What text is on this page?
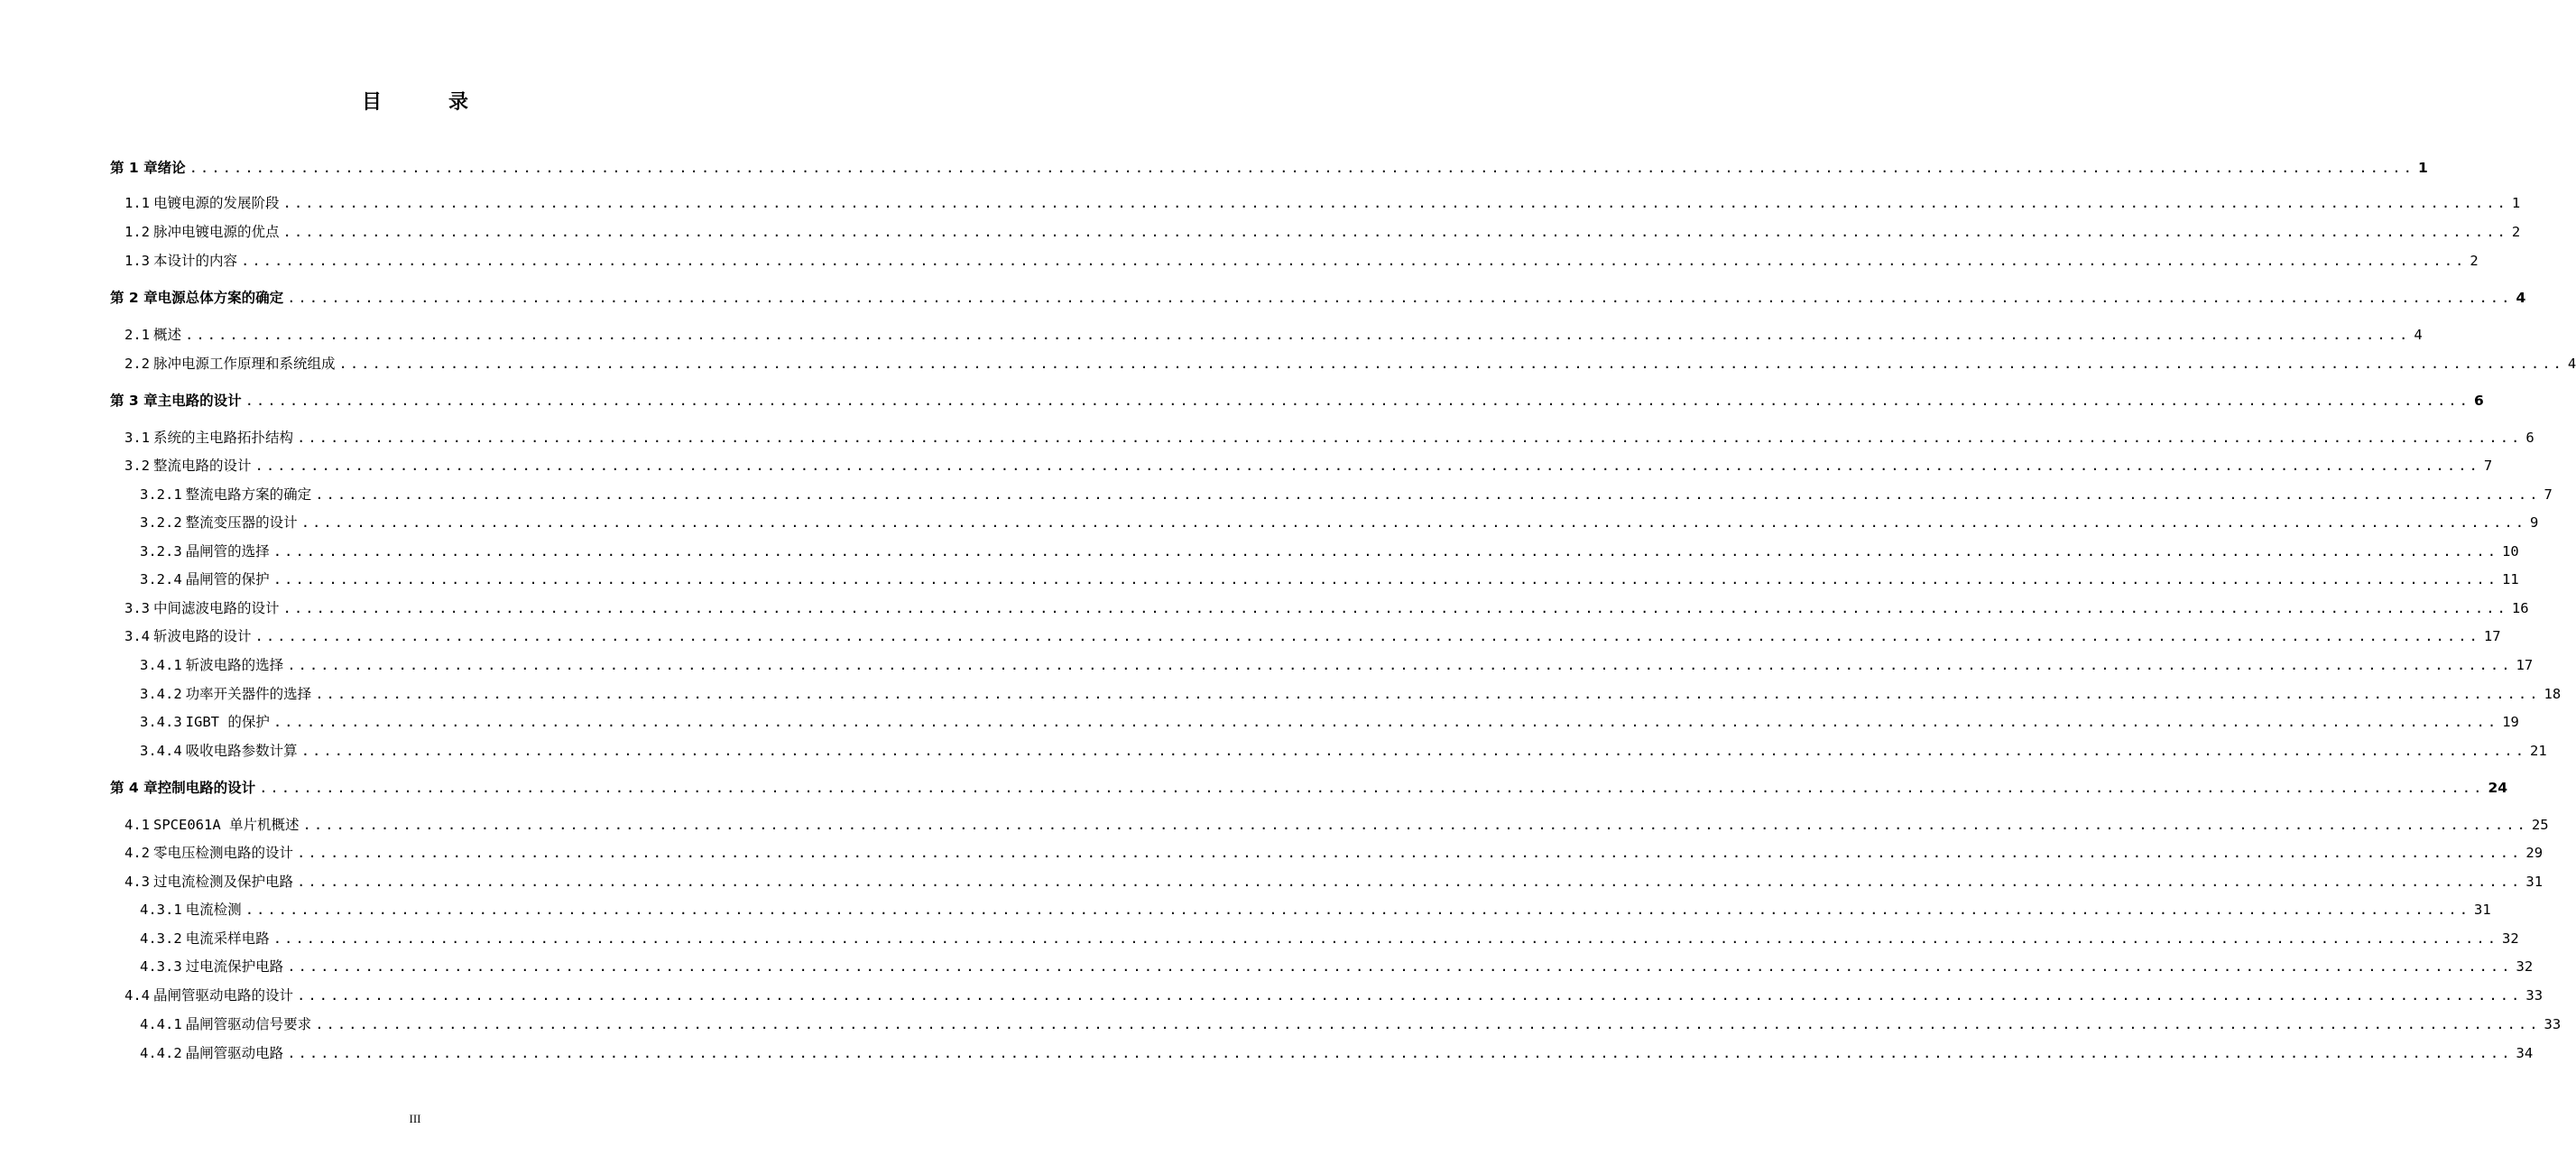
目　录
第 1 章 绪论 ........................................................................................................................................................................................................ 1
1.1 电镀电源的发展阶段 ........................................................................................................................................................................................................ 1
1.2 脉冲电镀电源的优点 ........................................................................................................................................................................................................ 2
1.3 本设计的内容 ........................................................................................................................................................................................................ 2
第 2 章 电源总体方案的确定 ........................................................................................................................................................................................................ 4
2.1 概述 ........................................................................................................................................................................................................ 4
2.2 脉冲电源工作原理和系统组成 ........................................................................................................................................................................................................ 4
第 3 章 主电路的设计 ........................................................................................................................................................................................................ 6
3.1 系统的主电路拓扑结构 ........................................................................................................................................................................................................ 6
3.2 整流电路的设计 ........................................................................................................................................................................................................ 7
3.2.1 整流电路方案的确定 ........................................................................................................................................................................................................ 7
3.2.2 整流变压器的设计 ........................................................................................................................................................................................................ 9
3.2.3 晶闸管的选择 ........................................................................................................................................................................................................ 10
3.2.4 晶闸管的保护 ........................................................................................................................................................................................................ 11
3.3 中间滤波电路的设计 ........................................................................................................................................................................................................ 16
3.4 斩波电路的设计 ........................................................................................................................................................................................................ 17
3.4.1 斩波电路的选择 ........................................................................................................................................................................................................ 17
3.4.2 功率开关器件的选择 ........................................................................................................................................................................................................ 18
3.4.3 IGBT 的保护 ........................................................................................................................................................................................................ 19
3.4.4 吸收电路参数计算 ........................................................................................................................................................................................................ 21
第 4 章 控制电路的设计 ........................................................................................................................................................................................................ 24
4.1 SPCE061A 单片机概述 ........................................................................................................................................................................................................ 25
4.2 零电压检测电路的设计 ........................................................................................................................................................................................................ 29
4.3 过电流检测及保护电路 ........................................................................................................................................................................................................ 31
4.3.1 电流检测 ........................................................................................................................................................................................................ 31
4.3.2 电流采样电路 ........................................................................................................................................................................................................ 32
4.3.3 过电流保护电路 ........................................................................................................................................................................................................ 32
4.4 晶闸管驱动电路的设计 ........................................................................................................................................................................................................ 33
4.4.1 晶闸管驱动信号要求 ........................................................................................................................................................................................................ 33
4.4.2 晶闸管驱动电路 ........................................................................................................................................................................................................ 34
III
